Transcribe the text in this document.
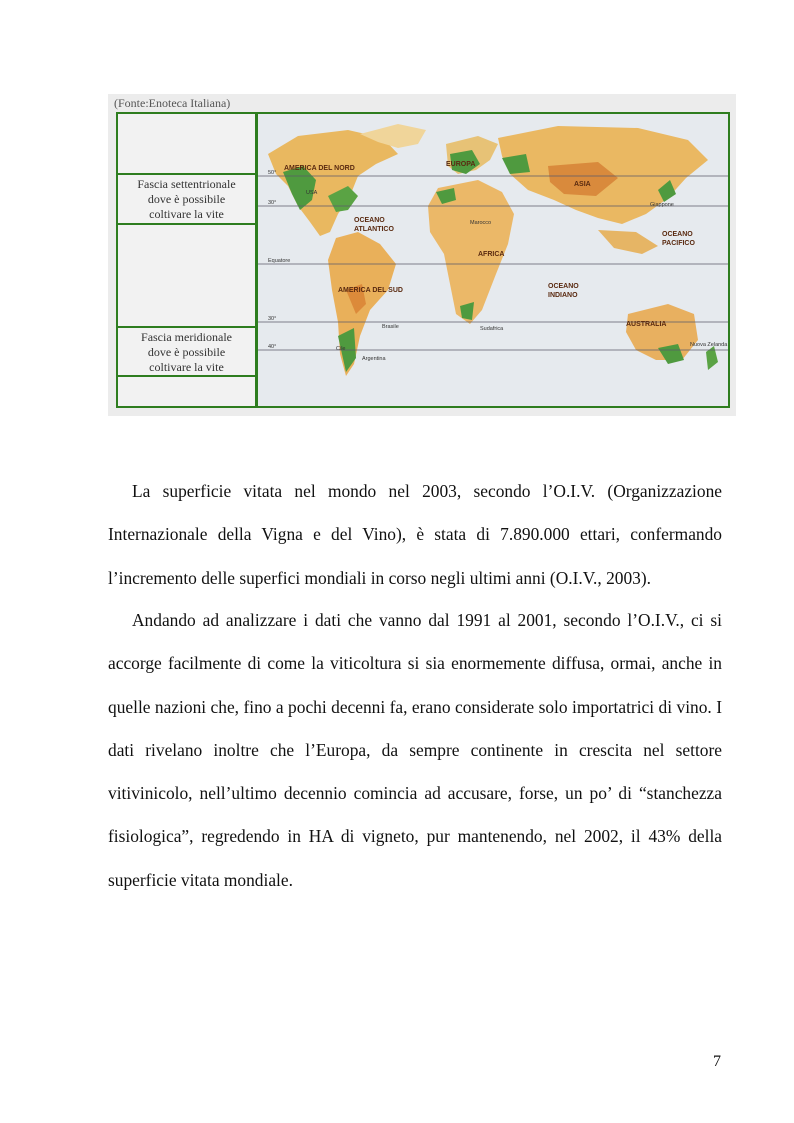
(Fonte:Enoteca Italiana)
Fascia settentrionale
dove è possibile
coltivare la vite
Fascia meridionale
dove è possibile
coltivare la vite
AMERICA DEL NORD
USA
EUROPA
ASIA
Giappone
Marocco
AFRICA
OCEANO
ATLANTICO
OCEANO
PACIFICO
OCEANO
INDIANO
AMERICA DEL SUD
Brasile
Cile
Argentina
Sudafrica
AUSTRALIA
Nuova Zelanda
Equatore
50°
30°
30°
40°

La superficie vitata nel mondo nel 2003, secondo l’O.I.V. (Organizzazione Internazionale della Vigna e del Vino), è stata di 7.890.000 ettari, confermando l’incremento delle superfici mondiali in corso negli ultimi anni (O.I.V., 2003).

Andando ad analizzare i dati che vanno dal 1991 al 2001, secondo l’O.I.V., ci si accorge facilmente di come la viticoltura si sia enormemente diffusa, ormai, anche in quelle nazioni che, fino a pochi decenni fa, erano considerate solo importatrici di vino. I dati rivelano inoltre che l’Europa, da sempre continente in crescita nel settore vitivinicolo, nell’ultimo decennio comincia ad accusare, forse, un po’ di “stanchezza fisiologica”, regredendo in HA di vigneto, pur mantenendo, nel 2002, il 43% della superficie vitata mondiale.

7
